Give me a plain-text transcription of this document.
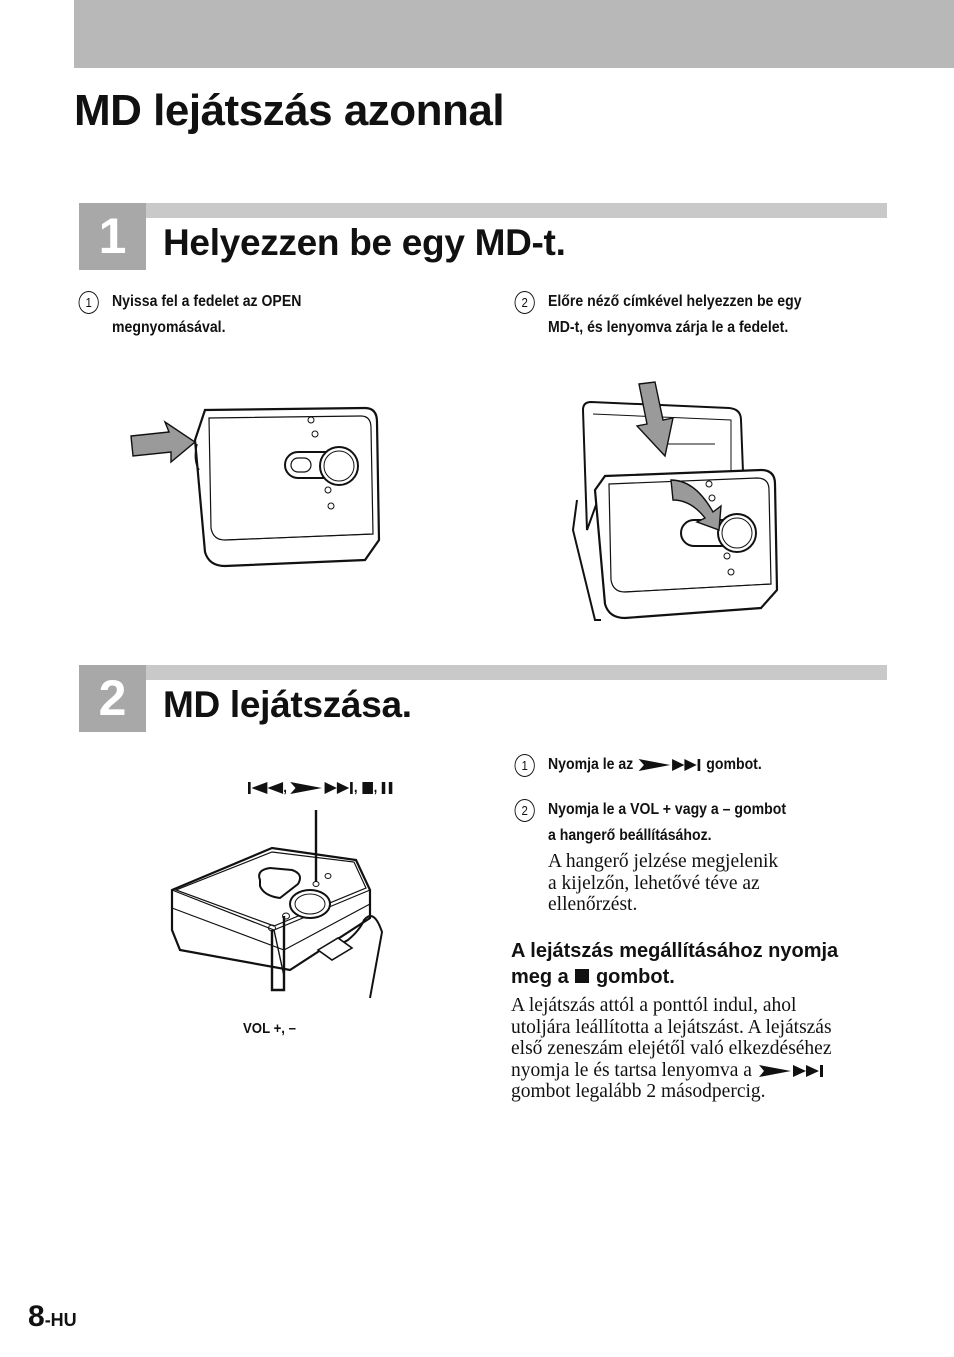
MD lejátszás azonnal
1 Helyezzen be egy MD-t.
1	Nyissa fel a fedelet az OPEN
megnyomásával.
2	Előre néző címkével helyezzen be egy
MD-t, és lenyomva zárja le a fedelet.
2 MD lejátszása.
,	, ,
VOL +, –
1	Nyomja le az	gombot.
2	Nyomja le a VOL + vagy a – gombot
a hangerő beállításához.
A hangerő jelzése megjelenik
a kijelzőn, lehetővé téve az
ellenőrzést.
A lejátszás megállításához nyomja
meg a gombot.
A lejátszás attól a ponttól indul, ahol
utoljára leállította a lejátszást. A lejátszás
első zeneszám elejétől való elkezdéséhez
nyomja le és tartsa lenyomva a
gombot legalább 2 másodpercig.
8-HU
